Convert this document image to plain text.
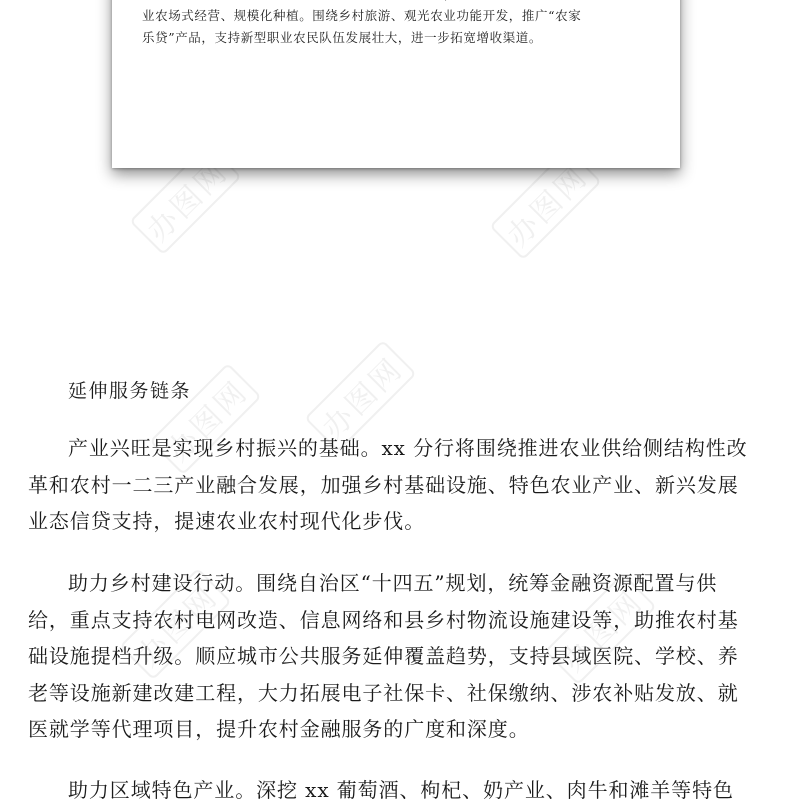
办图网	办图网
办图网	办图网
办图网
办图网
业农场式经营、规模化种植。围绕乡村旅游、观光农业功能开发，推广“农家
乐贷”产品，支持新型职业农民队伍发展壮大，进一步拓宽增收渠道。
延伸服务链条
产业兴旺是实现乡村振兴的基础。xx 分行将围绕推进农业供给侧结构性改
革和农村一二三产业融合发展，加强乡村基础设施、特色农业产业、新兴发展
业态信贷支持，提速农业农村现代化步伐。
助力乡村建设行动。围绕自治区“十四五”规划，统筹金融资源配置与供
给，重点支持农村电网改造、信息网络和县乡村物流设施建设等，助推农村基
础设施提档升级。顺应城市公共服务延伸覆盖趋势，支持县域医院、学校、养
老等设施新建改建工程，大力拓展电子社保卡、社保缴纳、涉农补贴发放、就
医就学等代理项目，提升农村金融服务的广度和深度。
助力区域特色产业。深挖 xx 葡萄酒、枸杞、奶产业、肉牛和滩羊等特色
